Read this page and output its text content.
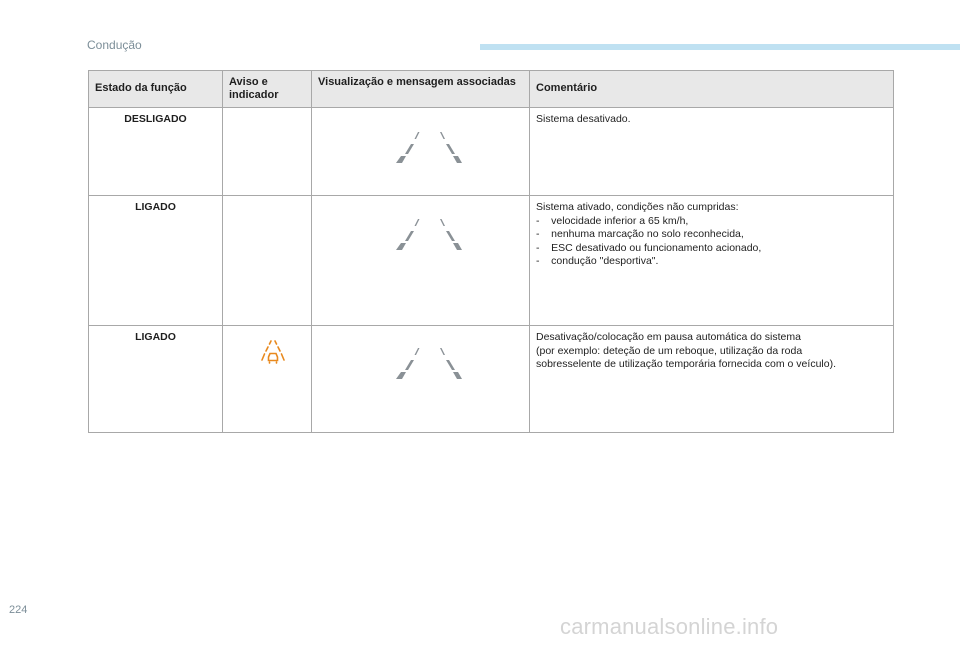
Condução
Estado da função	Aviso e indicador	Visualização e mensagem associadas	Comentário

DESLIGADO			Sistema desativado.

LIGADO			Sistema ativado, condições não cumpridas:
-    velocidade inferior a 65 km/h,
-    nenhuma marcação no solo reconhecida,
-    ESC desativado ou funcionamento acionado,
-    condução "desportiva".

LIGADO			Desativação/colocação em pausa automática do sistema
(por exemplo: deteção de um reboque, utilização da roda
sobresselente de utilização temporária fornecida com o veículo).
224
carmanualsonline.info
